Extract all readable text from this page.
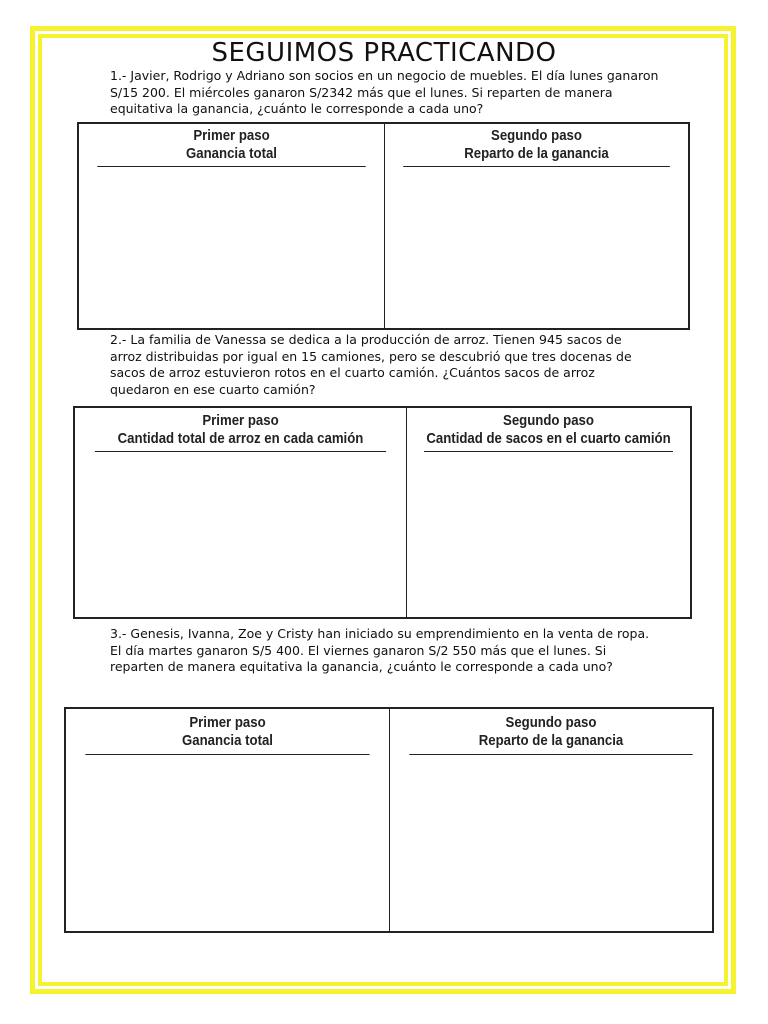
SEGUIMOS PRACTICANDO
1.- Javier, Rodrigo y Adriano son socios en un negocio de muebles. El día lunes ganaron S/15 200. El miércoles ganaron S/2342 más que el lunes. Si reparten de manera equitativa la ganancia, ¿cuánto le corresponde a cada uno?
Primer paso
Ganancia total
Segundo paso
Reparto de la ganancia
2.- La familia de Vanessa se dedica a la producción de arroz. Tienen 945 sacos de arroz distribuidas por igual en 15 camiones, pero se descubrió que tres docenas de sacos de arroz estuvieron rotos en el cuarto camión. ¿Cuántos sacos de arroz quedaron en ese cuarto camión?
Primer paso
Cantidad total de arroz en cada camión
Segundo paso
Cantidad de sacos en el cuarto camión
3.- Genesis, Ivanna, Zoe y Cristy han iniciado su emprendimiento en la venta de ropa. El día martes ganaron S/5 400. El viernes ganaron S/2 550 más que el lunes. Si reparten de manera equitativa la ganancia, ¿cuánto le corresponde a cada uno?
Primer paso
Ganancia total
Segundo paso
Reparto de la ganancia
